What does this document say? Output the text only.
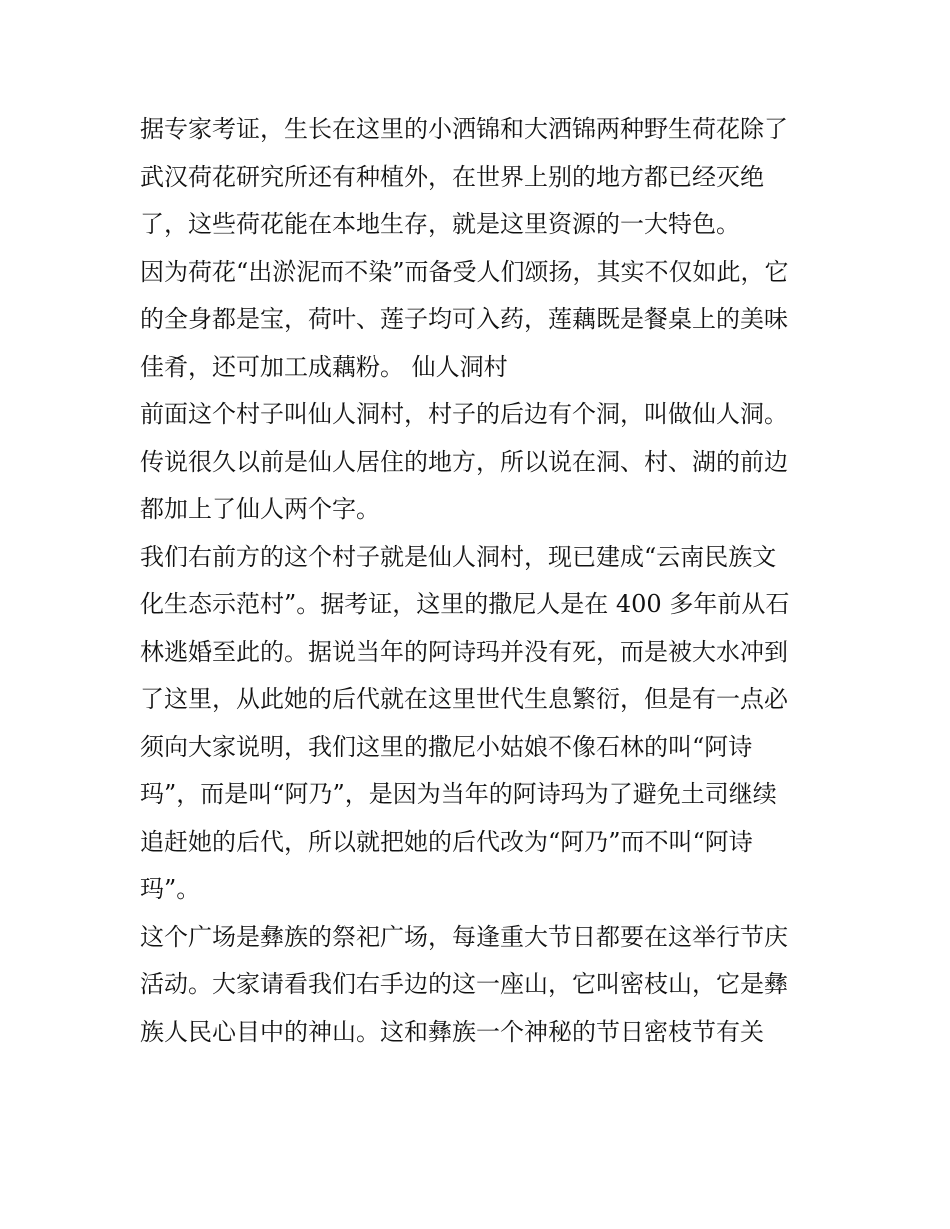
据专家考证，生长在这里的小洒锦和大洒锦两种野生荷花除了
武汉荷花研究所还有种植外，在世界上别的地方都已经灭绝
了，这些荷花能在本地生存，就是这里资源的一大特色。
因为荷花“出淤泥而不染”而备受人们颂扬，其实不仅如此，它
的全身都是宝，荷叶、莲子均可入药，莲藕既是餐桌上的美味
佳肴，还可加工成藕粉。 仙人洞村
前面这个村子叫仙人洞村，村子的后边有个洞，叫做仙人洞。
传说很久以前是仙人居住的地方，所以说在洞、村、湖的前边
都加上了仙人两个字。
我们右前方的这个村子就是仙人洞村，现已建成“云南民族文
化生态示范村”。据考证，这里的撒尼人是在 400 多年前从石
林逃婚至此的。据说当年的阿诗玛并没有死，而是被大水冲到
了这里，从此她的后代就在这里世代生息繁衍，但是有一点必
须向大家说明，我们这里的撒尼小姑娘不像石林的叫“阿诗
玛”，而是叫“阿乃”，是因为当年的阿诗玛为了避免土司继续
追赶她的后代，所以就把她的后代改为“阿乃”而不叫“阿诗
玛”。
这个广场是彝族的祭祀广场，每逢重大节日都要在这举行节庆
活动。大家请看我们右手边的这一座山，它叫密枝山，它是彝
族人民心目中的神山。这和彝族一个神秘的节日密枝节有关
